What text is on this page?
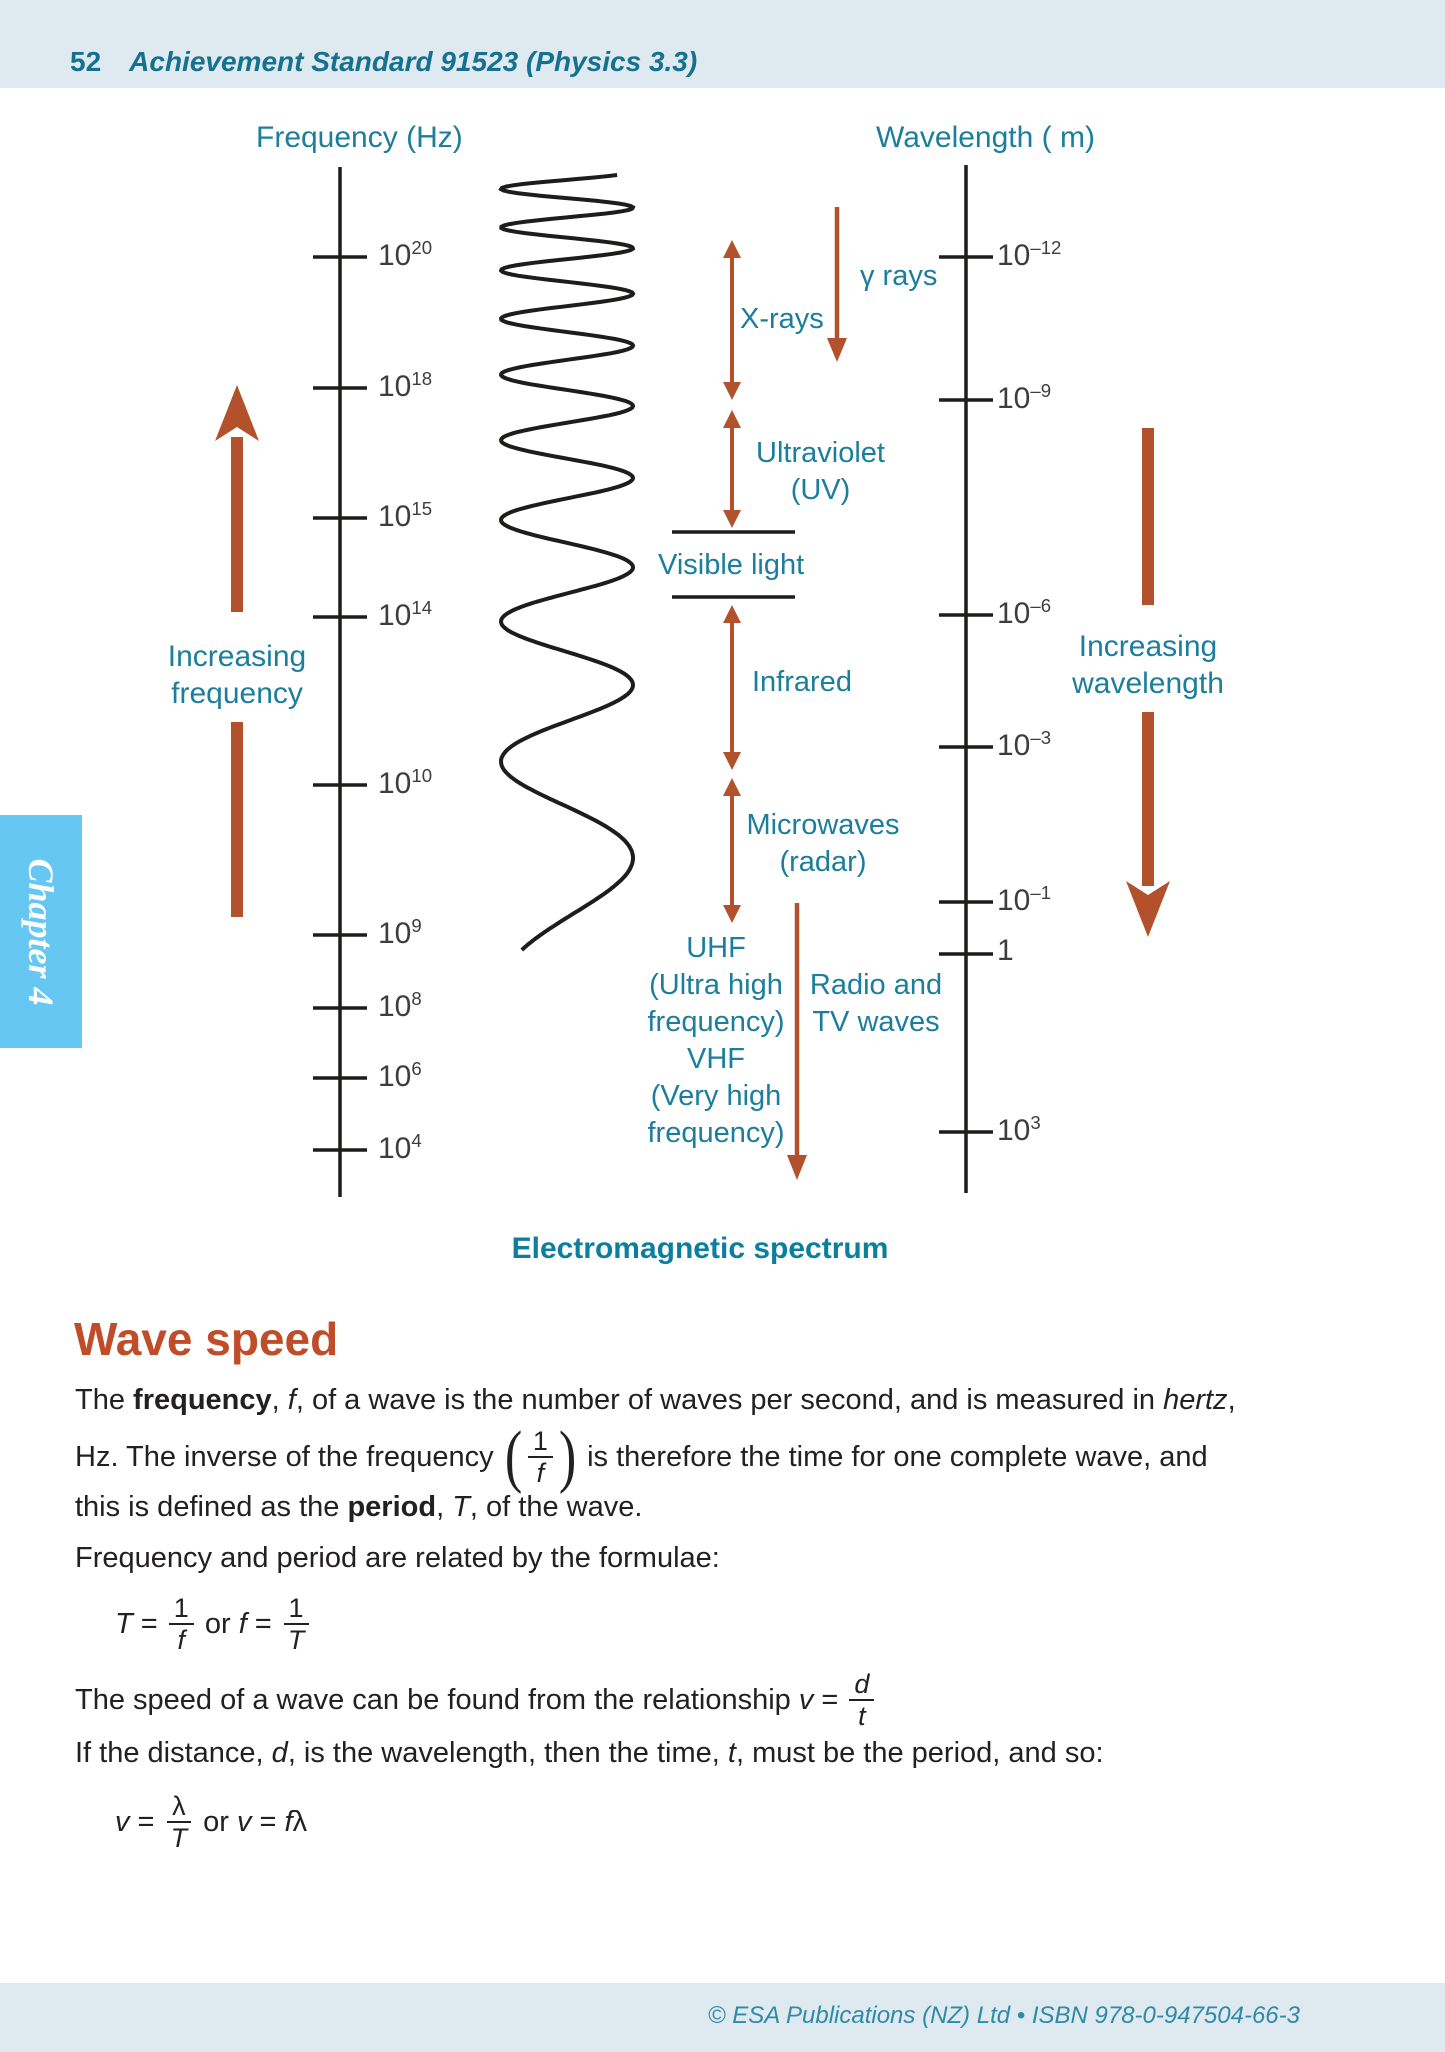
52 Achievement Standard 91523 (Physics 3.3)
Chapter 4
Frequency (Hz)	Wavelength ( m)
$10^{20}$
$10^{18}$
$10^{15}$
$10^{14}$
$10^{10}$
$10^9$
$10^8$
$10^6$
$10^4$
$10^{-12}$
$10^{-9}$
$10^{-6}$
$10^{-3}$
$10^{-1}$
1
$10^3$
γ rays
X-rays
Ultraviolet
(UV)
Visible light
Infrared
Microwaves
(radar)
UHF
(Ultra high
frequency)
VHF
(Very high
frequency)
Radio and
TV waves
Increasing
frequency
Increasing
wavelength
Electromagnetic spectrum
Wave speed
The frequency, f, of a wave is the number of waves per second, and is measured in hertz,
Hz. The inverse of the frequency ( $\frac{1}{f}$ ) is therefore the time for one complete wave, and
this is defined as the period, T, of the wave.
Frequency and period are related by the formulae:
$T = \frac{1}{f}$ or $f = \frac{1}{T}$
The speed of a wave can be found from the relationship $v = \frac{d}{t}$
If the distance, d, is the wavelength, then the time, t, must be the period, and so:
$v = \frac{\lambda}{T}$ or v = f λ
© ESA Publications (NZ) Ltd • ISBN 978-0-947504-66-3
